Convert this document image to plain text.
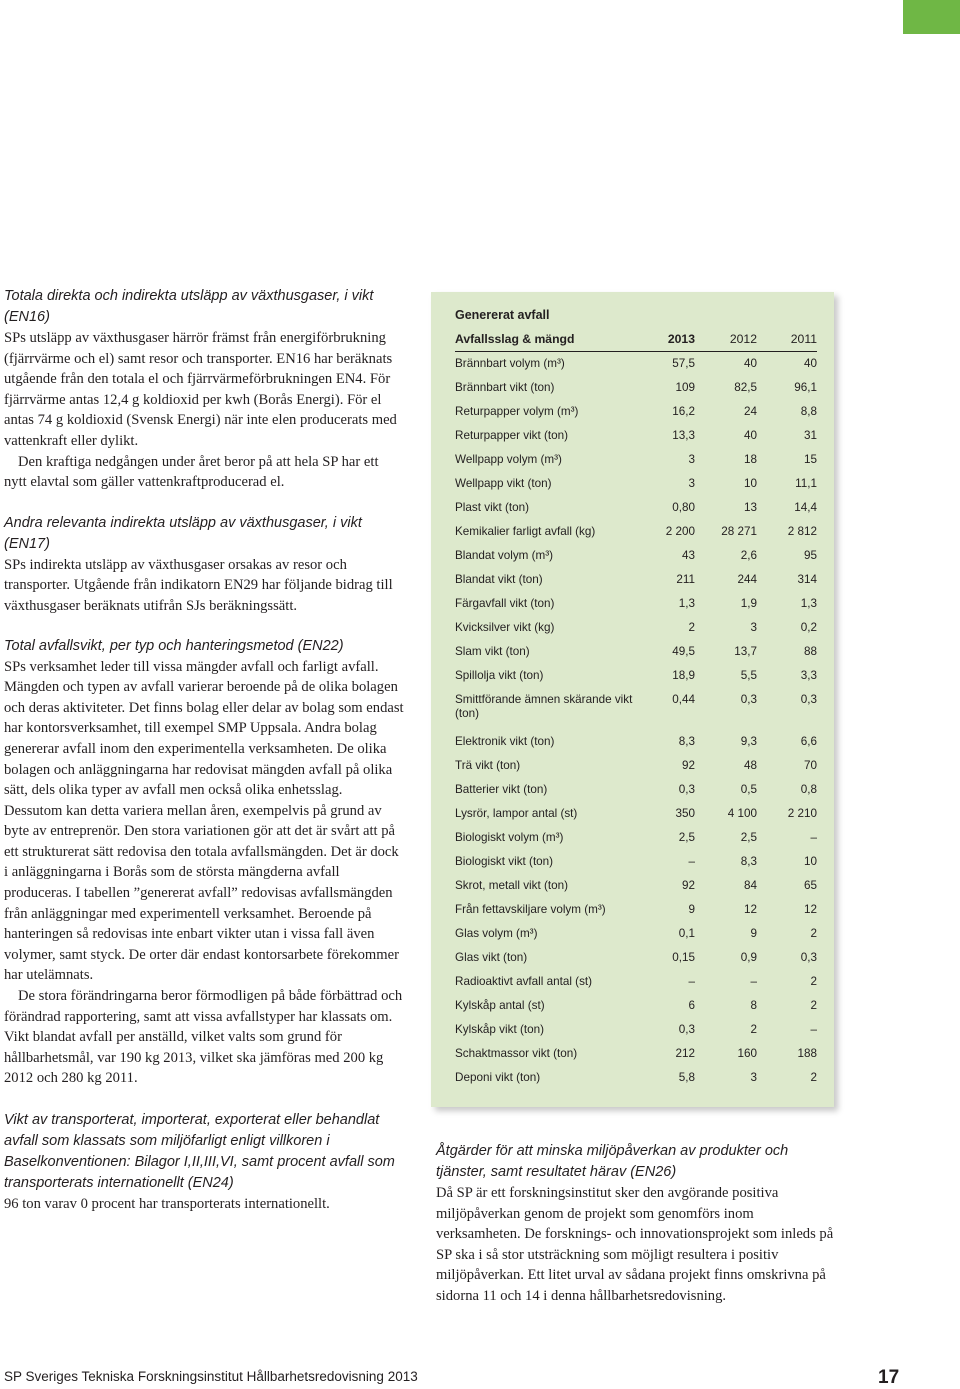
Totala direkta och indirekta utsläpp av växthusgaser, i vikt (EN16)

SPs utsläpp av växthusgaser härrör främst från energiförbrukning (fjärrvärme och el) samt resor och transporter. EN16 har beräknats utgående från den totala el och fjärrvärmeförbrukningen EN4. För fjärrvärme antas 12,4 g koldioxid per kwh (Borås Energi). För el antas 74 g koldioxid (Svensk Energi) när inte elen producerats med vattenkraft eller dylikt.

Den kraftiga nedgången under året beror på att hela SP har ett nytt elavtal som gäller vattenkraftproducerad el.

Andra relevanta indirekta utsläpp av växthusgaser, i vikt (EN17)

SPs indirekta utsläpp av växthusgaser orsakas av resor och transporter. Utgående från indikatorn EN29 har följande bidrag till växthusgaser beräknats utifrån SJs beräkningssätt.

Total avfallsvikt, per typ och hanteringsmetod (EN22)

SPs verksamhet leder till vissa mängder avfall och farligt avfall. Mängden och typen av avfall varierar beroende på de olika bolagen och deras aktiviteter. Det finns bolag eller delar av bolag som endast har kontorsverksamhet, till exempel SMP Uppsala. Andra bolag genererar avfall inom den experimentella verksamheten. De olika bolagen och anläggningarna har redovisat mängden avfall på olika sätt, dels olika typer av avfall men också olika enhetsslag. Dessutom kan detta variera mellan åren, exempelvis på grund av byte av entreprenör. Den stora variationen gör att det är svårt att på ett strukturerat sätt redovisa den totala avfallsmängden. Det är dock i anläggningarna i Borås som de största mängderna avfall produceras. I tabellen ”genererat avfall” redovisas avfallsmängden från anläggningar med experimentell verksamhet. Beroende på hanteringen så redovisas inte enbart vikter utan i vissa fall även volymer, samt styck. De orter där endast kontorsarbete förekommer har utelämnats.

De stora förändringarna beror förmodligen på både förbättrad och förändrad rapportering, samt att vissa avfallstyper har klassats om. Vikt blandat avfall per anställd, vilket valts som grund för hållbarhetsmål, var 190 kg 2013, vilket ska jämföras med 200 kg 2012 och 280 kg 2011.

Vikt av transporterat, importerat, exporterat eller behandlat avfall som klassats som miljöfarligt enligt villkoren i Baselkonventionen: Bilagor I,II,III,VI, samt procent avfall som transporterats internationellt (EN24)

96 ton varav 0 procent har transporterats internationellt.

Genererat avfall
Avfallsslag & mängd	2013	2012	2011
Brännbart volym (m³)	57,5	40	40
Brännbart vikt (ton)	109	82,5	96,1
Returpapper volym (m³)	16,2	24	8,8
Returpapper vikt (ton)	13,3	40	31
Wellpapp volym (m³)	3	18	15
Wellpapp vikt (ton)	3	10	11,1
Plast vikt (ton)	0,80	13	14,4
Kemikalier farligt avfall (kg)	2 200	28 271	2 812
Blandat volym (m³)	43	2,6	95
Blandat vikt (ton)	211	244	314
Färgavfall vikt (ton)	1,3	1,9	1,3
Kvicksilver vikt (kg)	2	3	0,2
Slam vikt (ton)	49,5	13,7	88
Spillolja vikt (ton)	18,9	5,5	3,3
Smittförande ämnen skärande vikt (ton)
0,44	0,3	0,3
Elektronik vikt (ton)	8,3	9,3	6,6
Trä vikt (ton)	92	48	70
Batterier vikt (ton)	0,3	0,5	0,8
Lysrör, lampor antal (st)	350	4 100	2 210
Biologiskt volym (m³)	2,5	2,5	–
Biologiskt vikt (ton)	–	8,3	10
Skrot, metall vikt (ton)	92	84	65
Från fettavskiljare volym (m³)	9	12	12
Glas volym (m³)	0,1	9	2
Glas vikt (ton)	0,15	0,9	0,3
Radioaktivt avfall antal (st)	–	–	2
Kylskåp antal (st)	6	8	2
Kylskåp vikt (ton)	0,3	2	–
Schaktmassor vikt (ton)	212	160	188
Deponi vikt (ton)	5,8	3	2
Åtgärder för att minska miljöpåverkan av produkter och tjänster, samt resultatet härav (EN26)

Då SP är ett forskningsinstitut sker den avgörande positiva miljöpåverkan genom de projekt som genomförs inom verksamheten. De forsknings- och innovationsprojekt som inleds på SP ska i så stor utsträckning som möjligt resultera i positiv miljöpåverkan. Ett litet urval av sådana projekt finns omskrivna på sidorna 11 och 14 i denna hållbarhetsredovisning.

SP Sveriges Tekniska Forskningsinstitut Hållbarhetsredovisning 2013	17
